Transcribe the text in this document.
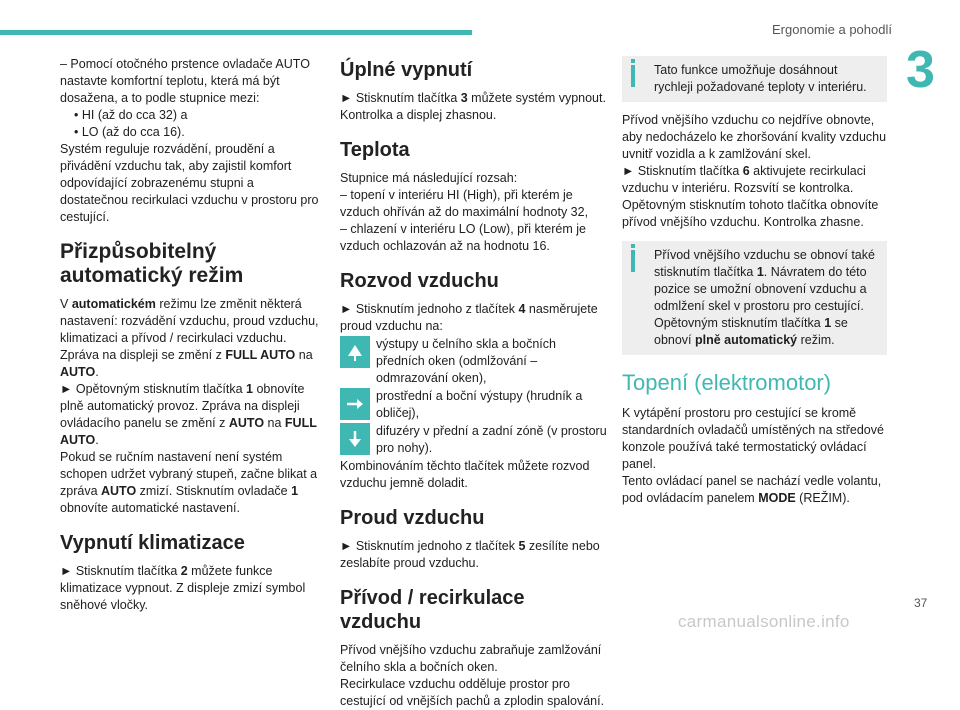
Ergonomie a pohodlí
3

– Pomocí otočného prstence ovladače AUTO nastavte komfortní teplotu, která má být dosažena, a to podle stupnice mezi:

• HI (až do cca 32) a

• LO (až do cca 16).

Systém reguluje rozvádění, proudění a přivádění vzduchu tak, aby zajistil komfort odpovídající zobrazenému stupni a dostatečnou recirkulaci vzduchu v prostoru pro cestující.

Přizpůsobitelný automatický režim

V automatickém režimu lze změnit některá nastavení: rozvádění vzduchu, proud vzduchu, klimatizaci a přívod / recirkulaci vzduchu. Zpráva na displeji se změní z FULL AUTO na AUTO.

► Opětovným stisknutím tlačítka 1 obnovíte plně automatický provoz. Zpráva na displeji ovládacího panelu se změní z AUTO na FULL AUTO.

Pokud se ručním nastavení není systém schopen udržet vybraný stupeň, začne blikat a zpráva AUTO zmizí. Stisknutím ovladače 1 obnovíte automatické nastavení.

Vypnutí klimatizace

► Stisknutím tlačítka 2 můžete funkce klimatizace vypnout. Z displeje zmizí symbol sněhové vločky.

Úplné vypnutí

► Stisknutím tlačítka 3 můžete systém vypnout. Kontrolka a displej zhasnou.

Teplota

Stupnice má následující rozsah:

– topení v interiéru HI (High), při kterém je vzduch ohříván až do maximální hodnoty 32,

– chlazení v interiéru LO (Low), při kterém je vzduch ochlazován až na hodnotu 16.

Rozvod vzduchu

► Stisknutím jednoho z tlačítek 4 nasměrujete proud vzduchu na:

výstupy u čelního skla a bočních předních oken (odmlžování – odmrazování oken),
prostřední a boční výstupy (hrudník a obličej),
difuzéry v přední a zadní zóně (v prostoru pro nohy).

Kombinováním těchto tlačítek můžete rozvod vzduchu jemně doladit.

Proud vzduchu

► Stisknutím jednoho z tlačítek 5 zesílíte nebo zeslabíte proud vzduchu.

Přívod / recirkulace vzduchu

Přívod vnějšího vzduchu zabraňuje zamlžování čelního skla a bočních oken.

Recirkulace vzduchu odděluje prostor pro cestující od vnějších pachů a zplodin spalování.

Tato funkce umožňuje dosáhnout rychleji požadované teploty v interiéru.

Přívod vnějšího vzduchu co nejdříve obnovte, aby nedocházelo ke zhoršování kvality vzduchu uvnitř vozidla a k zamlžování skel.

► Stisknutím tlačítka 6 aktivujete recirkulaci vzduchu v interiéru. Rozsvítí se kontrolka.

Opětovným stisknutím tohoto tlačítka obnovíte přívod vnějšího vzduchu. Kontrolka zhasne.

Přívod vnějšího vzduchu se obnoví také stisknutím tlačítka 1. Návratem do této pozice se umožní obnovení vzduchu a odmlžení skel v prostoru pro cestující. Opětovným stisknutím tlačítka 1 se obnoví plně automatický režim.

Topení (elektromotor)

K vytápění prostoru pro cestující se kromě standardních ovladačů umístěných na středové konzole používá také termostatický ovládací panel.

Tento ovládací panel se nachází vedle volantu, pod ovládacím panelem MODE (REŽIM).

37
carmanualsonline.info
